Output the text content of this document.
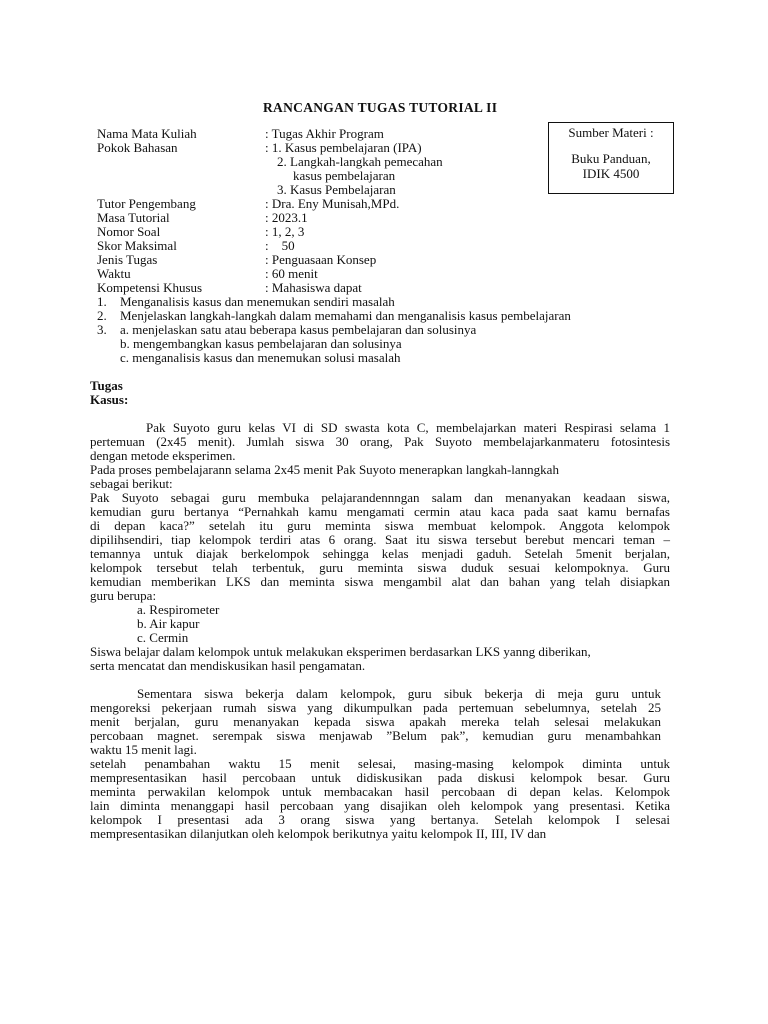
RANCANGAN TUGAS TUTORIAL II
Sumber Materi :
Buku Panduan,
IDIK 4500
Nama Mata Kuliah	: Tugas Akhir Program
Pokok Bahasan	: 1. Kasus pembelajaran (IPA)
2. Langkah-langkah pemecahan
kasus pembelajaran
3. Kasus Pembelajaran
Tutor Pengembang	: Dra. Eny Munisah,MPd.
Masa Tutorial	: 2023.1
Nomor Soal	: 1, 2, 3
Skor Maksimal	:    50
Jenis Tugas	: Penguasaan Konsep
Waktu	: 60 menit
Kompetensi Khusus	: Mahasiswa dapat
1. Menganalisis kasus dan menemukan sendiri masalah
2. Menjelaskan langkah-langkah dalam memahami dan menganalisis kasus pembelajaran
3. a. menjelaskan satu atau beberapa kasus pembelajaran dan solusinya
b. mengembangkan kasus pembelajaran dan solusinya
c. menganalisis kasus dan menemukan solusi masalah
Tugas
Kasus:
Pak Suyoto guru kelas VI di SD swasta kota C, membelajarkan materi Respirasi selama 1
pertemuan (2x45 menit). Jumlah siswa 30 orang, Pak Suyoto membelajarkanmateru fotosintesis
dengan metode eksperimen.
Pada proses pembelajarann selama 2x45 menit Pak Suyoto menerapkan langkah-lanngkah
sebagai berikut:
Pak Suyoto sebagai guru membuka pelajarandennngan salam dan menanyakan keadaan siswa,
kemudian guru bertanya “Pernahkah kamu mengamati cermin atau kaca pada saat kamu bernafas
di depan kaca?” setelah itu guru meminta siswa membuat kelompok. Anggota kelompok
dipilihsendiri, tiap kelompok terdiri atas 6 orang. Saat itu siswa tersebut berebut mencari teman –
temannya untuk diajak berkelompok sehingga kelas menjadi gaduh. Setelah 5menit berjalan,
kelompok tersebut telah terbentuk, guru meminta siswa duduk sesuai kelompoknya. Guru
kemudian memberikan LKS dan meminta siswa mengambil alat dan bahan yang telah disiapkan
guru berupa:
a. Respirometer
b. Air kapur
c. Cermin
Siswa belajar dalam kelompok untuk melakukan eksperimen berdasarkan LKS yanng diberikan,
serta mencatat dan mendiskusikan hasil pengamatan.
Sementara siswa bekerja dalam kelompok, guru sibuk bekerja di meja guru untuk
mengoreksi pekerjaan rumah siswa yang dikumpulkan pada pertemuan sebelumnya, setelah 25
menit berjalan, guru menanyakan kepada siswa apakah mereka telah selesai melakukan
percobaan magnet. serempak siswa menjawab ”Belum pak”, kemudian guru menambahkan
waktu 15 menit lagi.
setelah penambahan waktu 15 menit selesai, masing-masing kelompok diminta untuk
mempresentasikan hasil percobaan untuk didiskusikan pada diskusi kelompok besar. Guru
meminta perwakilan kelompok untuk membacakan hasil percobaan di depan kelas. Kelompok
lain diminta menanggapi hasil percobaan yang disajikan oleh kelompok yang presentasi. Ketika
kelompok I presentasi ada 3 orang siswa yang bertanya. Setelah kelompok I selesai
mempresentasikan dilanjutkan oleh kelompok berikutnya yaitu kelompok II, III, IV dan
